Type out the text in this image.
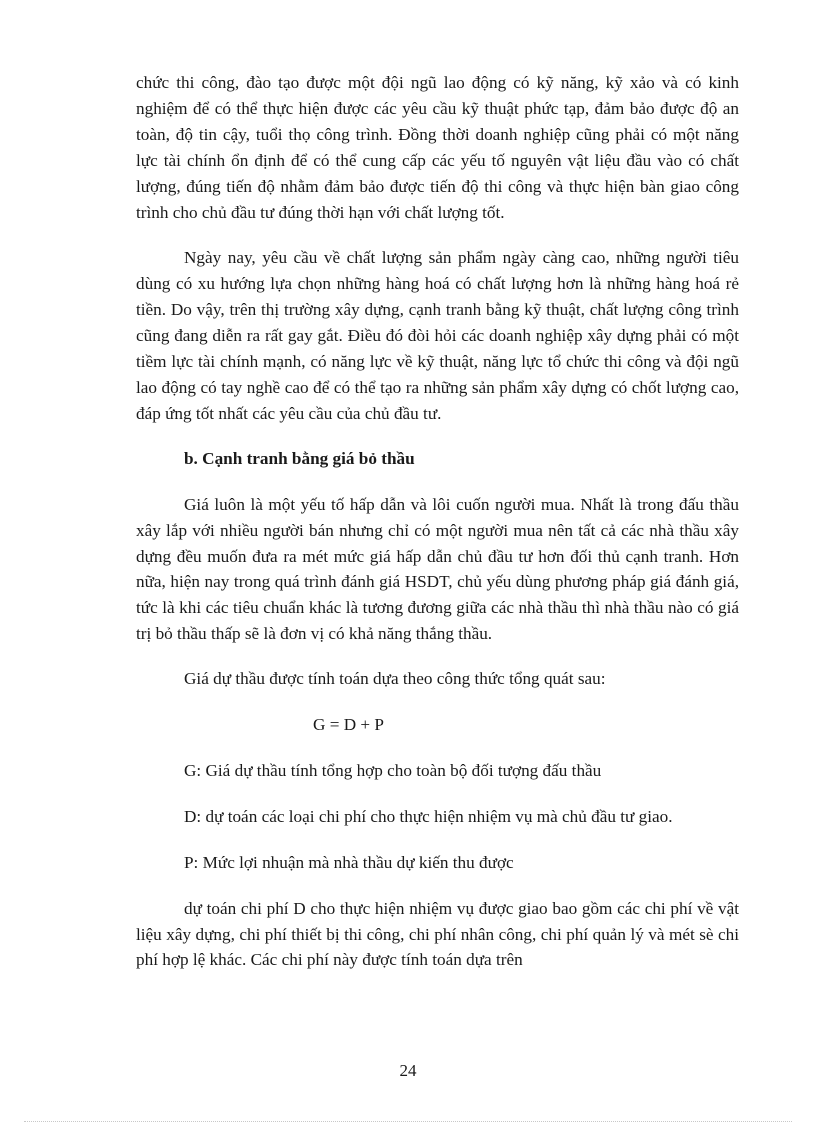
chức thi công, đào tạo được một đội ngũ lao động có kỹ năng, kỹ xảo và có kinh nghiệm để có thể thực hiện được các yêu cầu kỹ thuật phức tạp, đảm bảo được độ an toàn, độ tin cậy, tuổi thọ công trình. Đồng thời doanh nghiệp cũng phải có một năng lực tài chính ổn định để có thể cung cấp các yếu tố nguyên vật liệu đầu vào có chất lượng, đúng tiến độ nhằm đảm bảo được tiến độ thi công và thực hiện bàn giao công trình cho chủ đầu tư đúng thời hạn với chất lượng tốt.

Ngày nay, yêu cầu về chất lượng sản phẩm ngày càng cao, những người tiêu dùng có xu hướng lựa chọn những hàng hoá có chất lượng hơn là những hàng hoá rẻ tiền. Do vậy, trên thị trường xây dựng, cạnh tranh bằng kỹ thuật, chất lượng công trình cũng đang diễn ra rất gay gắt. Điều đó đòi hỏi các doanh nghiệp xây dựng phải có một tiềm lực tài chính mạnh, có năng lực về kỹ thuật, năng lực tổ chức thi công và đội ngũ lao động có tay nghề cao để có thể tạo ra những sản phẩm xây dựng có chốt lượng cao, đáp ứng tốt nhất các yêu cầu của chủ đầu tư.

b. Cạnh tranh bằng giá bỏ thầu

Giá luôn là một yếu tố hấp dẫn và lôi cuốn người mua. Nhất là trong đấu thầu xây lắp với nhiều người bán nhưng chỉ có một người mua nên tất cả các nhà thầu xây dựng đều muốn đưa ra mét mức giá hấp dẫn chủ đầu tư hơn đối thủ cạnh tranh. Hơn nữa, hiện nay trong quá trình đánh giá HSDT, chủ yếu dùng phương pháp giá đánh giá, tức là khi các tiêu chuẩn khác là tương đương giữa các nhà thầu thì nhà thầu nào có giá trị bỏ thầu thấp sẽ là đơn vị có khả năng thắng thầu.

Giá dự thầu được tính toán dựa theo công thức tổng quát sau:

G = D + P

G: Giá dự thầu tính tổng hợp cho toàn bộ đối tượng đấu thầu

D: dự toán các loại chi phí cho thực hiện nhiệm vụ mà chủ đầu tư giao.

P: Mức lợi nhuận mà nhà thầu dự kiến thu được

dự toán chi phí D cho thực hiện nhiệm vụ được giao bao gồm các chi phí về vật liệu xây dựng, chi phí thiết bị thi công, chi phí nhân công, chi phí quản lý và mét sè chi phí hợp lệ khác. Các chi phí này được tính toán dựa trên

24
